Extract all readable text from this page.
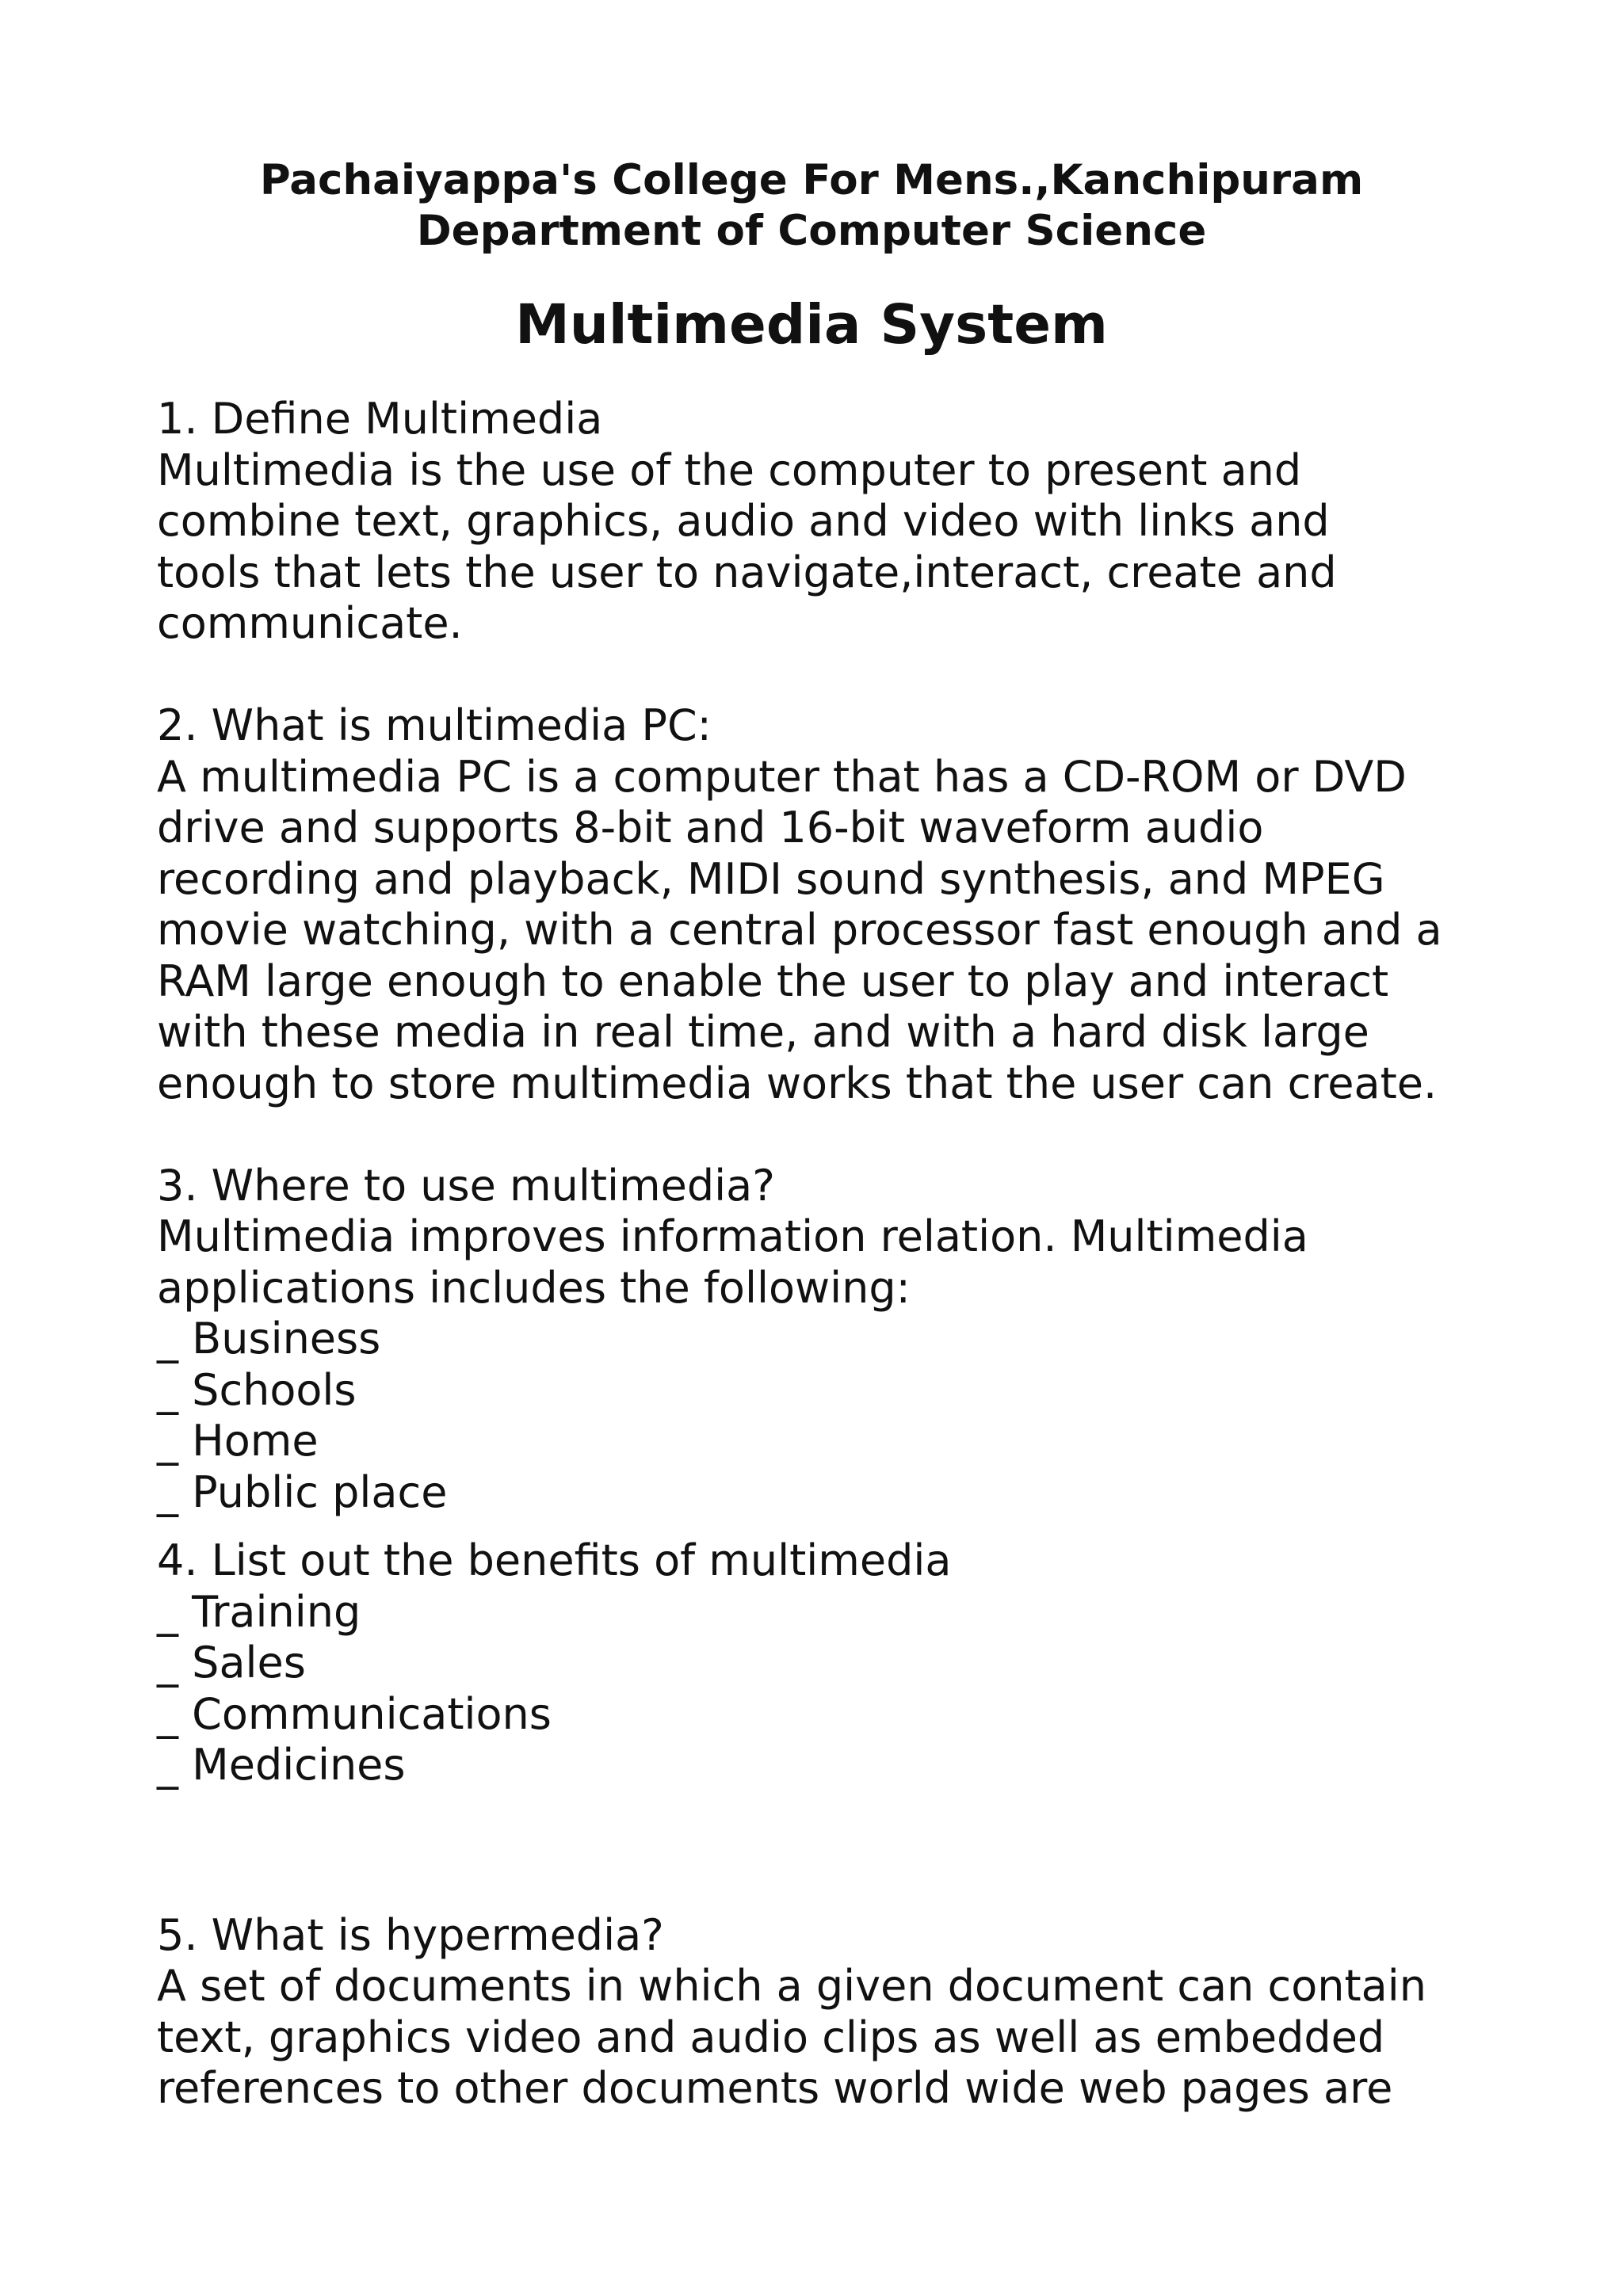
Pachaiyappa's College For Mens.,Kanchipuram
Department of Computer Science
Multimedia System
1. Define Multimedia
Multimedia is the use of the computer to present and
combine text, graphics, audio and video with links and
tools that lets the user to navigate,interact, create and
communicate.
2. What is multimedia PC:
A multimedia PC is a computer that has a CD-ROM or DVD
drive and supports 8-bit and 16-bit waveform audio
recording and playback, MIDI sound synthesis, and MPEG
movie watching, with a central processor fast enough and a
RAM large enough to enable the user to play and interact
with these media in real time, and with a hard disk large
enough to store multimedia works that the user can create.
3. Where to use multimedia?
Multimedia improves information relation. Multimedia
applications includes the following:
_ Business
_ Schools
_ Home
_ Public place
4. List out the benefits of multimedia
_ Training
_ Sales
_ Communications
_ Medicines
5. What is hypermedia?
A set of documents in which a given document can contain
text, graphics video and audio clips as well as embedded
references to other documents world wide web pages are
